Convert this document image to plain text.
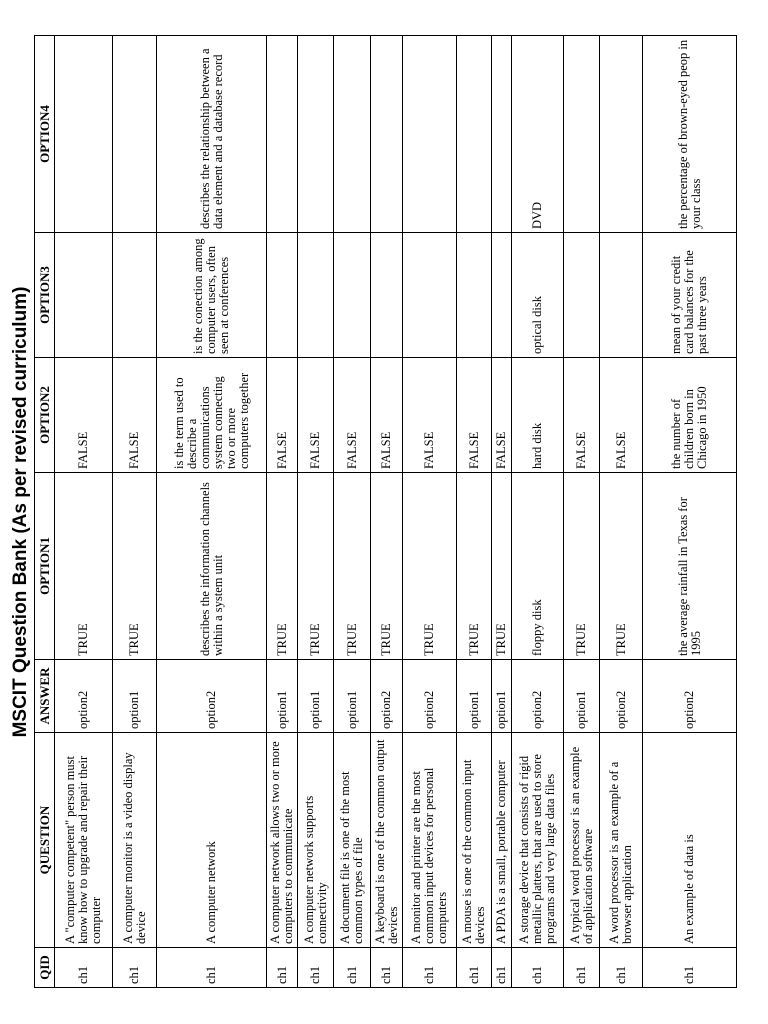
MSCIT Question Bank (As per revised curriculum)
QID	QUESTION	ANSWER	OPTION1	OPTION2	OPTION3	OPTION4
ch1	A "computer competent" person must know how to upgrade and repair their computer	option2	TRUE	FALSE		
ch1	A computer monitor is a video display device	option1	TRUE	FALSE		
ch1	A computer network	option2	describes the information channels within a system unit	is the term used to describe a communications system connecting two or more computers together	is the conection among computer users, often seen at conferences	describes the relationship between a data element and a database record
ch1	A computer network allows two or more computers to communicate	option1	TRUE	FALSE		
ch1	A computer network supports connectivity	option1	TRUE	FALSE		
ch1	A document file is one of the most common types of file	option1	TRUE	FALSE		
ch1	A keyboard is one of the common output devices	option2	TRUE	FALSE		
ch1	A monitor and printer are the most common input devices for personal computers	option2	TRUE	FALSE		
ch1	A mouse is one of the common input devices	option1	TRUE	FALSE		
ch1	A PDA is a small, portable computer	option1	TRUE	FALSE		
ch1	A storage device that consists of rigid metallic platters, that are used to store programs and very large data files	option2	floppy disk	hard disk	optical disk	DVD
ch1	A typical word processor is an example of application software	option1	TRUE	FALSE		
ch1	A word processor is an example of a browser application	option2	TRUE	FALSE		
ch1	An example of data is	option2	the average rainfall in Texas for 1995	the number of children born in Chicago in 1950	mean of your credit card balances for the past three years	the percentage of brown-eyed peop in your class
